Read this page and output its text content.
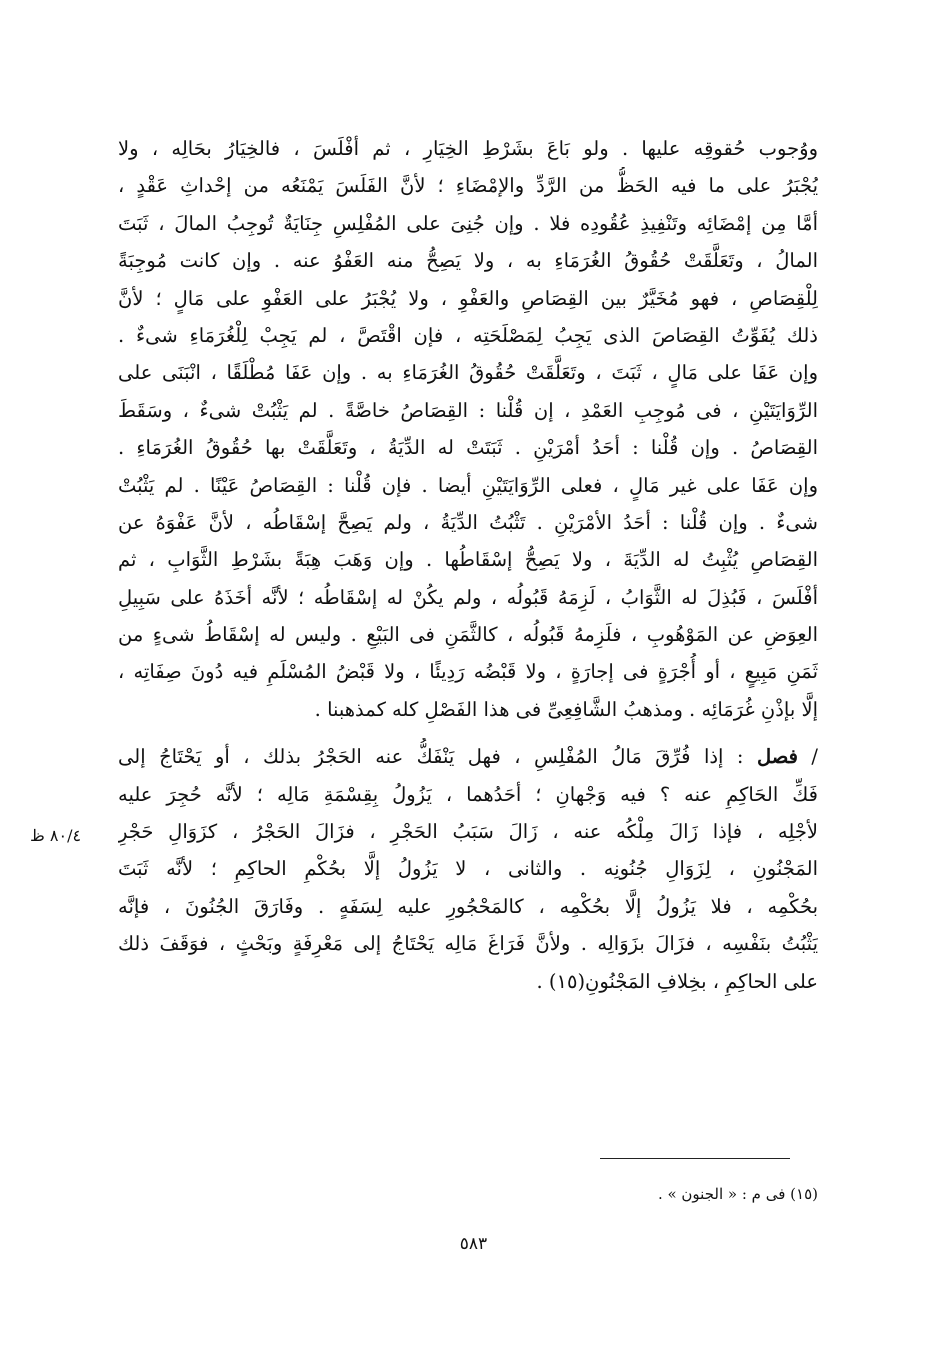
ووُجوب حُقوقِه عليها . ولو بَاعَ بشَرْطِ الخِيَارِ ، ثم أفْلَسَ ، فالخِيَارُ بحَالِه ، ولا
يُجْبَرُ على ما فيه الحَظُّ من الرَّدِّ والإمْضَاءِ ؛ لأنَّ الفَلَسَ يَمْنَعُه من إحْداثِ عَقْدٍ ،
أمَّا مِن إمْضَائِه وتَنْفِيذِ عُقُودِه فلا . وإن جُنِىَ على المُفْلِسِ جِنَايَةٌ تُوجِبُ المالَ ، ثَبَتَ
المالُ ، وتَعَلَّقَتْ حُقُوقُ الغُرَمَاءِ به ، ولا يَصِحُّ منه العَفْوُ عنه . وإن كانت مُوجِبَةً
لِلْقِصَاصِ ، فهو مُخَيَّرٌ بين القِصَاصِ والعَفْوِ ، ولا يُجْبَرُ على العَفْوِ على مَالٍ ؛ لأنَّ
ذلك يُفَوِّتُ القِصَاصَ الذى يَجِبُ لِمَصْلَحَتِه ، فإن اقْتَصَّ ، لم يَجِبْ لِلْغُرَمَاءِ شىءٌ .
وإن عَفَا على مَالٍ ، ثَبَتَ ، وتَعَلَّقَتْ حُقُوقُ الغُرَمَاءِ به . وإن عَفَا مُطْلَقًا ، انْبَنَى على
الرِّوَايَتَيْنِ ، فى مُوجِبِ العَمْدِ ، إن قُلْنا : القِصَاصُ خاصَّةً . لم يَثْبُتْ شىءٌ ، وسَقَطَ
القِصَاصُ . وإن قُلْنا : أحَدُ أمْرَيْنِ . ثَبَتَتْ له الدِّيَةُ ، وتَعَلَّقَتْ بها حُقُوقُ الغُرَمَاءِ .
وإن عَفَا على غير مَالٍ ، فعلى الرِّوَايَتَيْنِ أيضا . فإن قُلْنا : القِصَاصُ عَيْنًا . لم يَثْبُتْ
شىءٌ . وإن قُلْنا : أحَدُ الأمْرَيْنِ . تَثْبُتُ الدِّيَةُ ، ولم يَصِحَّ إسْقَاطُه ، لأنَّ عَفْوَهُ عن
القِصَاصِ يُثْبِتُ له الدِّيَةَ ، ولا يَصِحُّ إسْقَاطُها . وإن وَهَبَ هِبَةً بشَرْطِ الثَّوَابِ ، ثم
أفْلَسَ ، فَبُذِلَ له الثَّوَابُ ، لَزِمَهُ قَبُولُه ، ولم يكُنْ له إسْقَاطُه ؛ لأنَّه أخَذَهُ على سَبِيلِ
العِوَضِ عن المَوْهُوبِ ، فلَزِمهُ قَبُولُه ، كالثَّمَنِ فى البَيْعِ . وليس له إسْقَاطُ شىءٍ من
ثَمَنِ مَبِيعٍ ، أو أُجْرَةٍ فى إجارَةٍ ، ولا قَبْضُه رَدِيئًا ، ولا قَبْضُ المُسْلَمِ فيه دُونَ صِفَاتِه ،
إلَّا بإذْنِ غُرَمَائِه . ومذهبُ الشَّافِعِىِّ فى هذا الفَصْلِ كله كمذهبنا .
/ فصل : إذا فُرِّقَ مَالُ المُفْلِسِ ، فهل يَنْفَكُّ عنه الحَجْرُ بذلك ، أو يَحْتَاجُ إلى
فَكِّ الحَاكِمِ عنه ؟ فيه وَجْهانِ ؛ أحَدُهما ، يَزُولُ بِقِسْمَةِ مَالِه ؛ لأنَّه حُجِرَ عليه
لأجْلِه ، فإذا زَالَ مِلْكُه عنه ، زَالَ سَبَبُ الحَجْرِ ، فزَالَ الحَجْرُ ، كزَوَالِ حَجْرِ
المَجْنُونِ ، لِزَوَالِ جُنُونِه . والثانى ، لا يَزُولُ إلَّا بحُكْمِ الحاكِمِ ؛ لأنَّه ثَبَتَ
بحُكْمِه ، فلا يَزُولُ إلَّا بحُكْمِه ، كالمَحْجُورِ عليه لِسَفَهٍ . وفَارَقَ الجُنُونَ ، فإنَّه
يَثْبُتُ بنَفْسِه ، فزَالَ بزَوَالِه . ولأنَّ فَرَاغَ مَالِه يَحْتَاجُ إلى مَعْرِفَةٍ وبَحْثٍ ، فوَقَفَ ذلك
على الحاكِمِ ، بخِلافِ المَجْنُونِ(١٥) .
٨٠/٤ ظ
(١٥) فى م : « الجنون » .
٥٨٣
